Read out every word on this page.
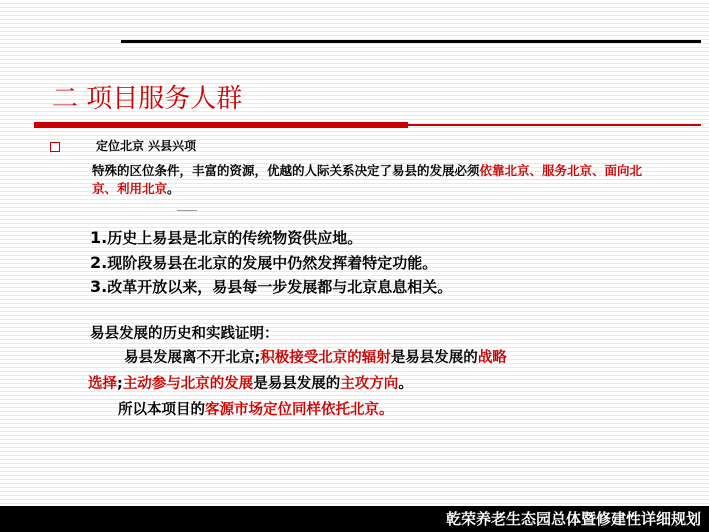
二 项目服务人群
定位北京 兴县兴项
特殊的区位条件，丰富的资源，优越的人际关系决定了易县的发展必须依靠北京、服务北京、面向北京、利用北京。
1.历史上易县是北京的传统物资供应地。
2.现阶段易县在北京的发展中仍然发挥着特定功能。
3.改革开放以来，易县每一步发展都与北京息息相关。
易县发展的历史和实践证明：
易县发展离不开北京;积极接受北京的辐射是易县发展的战略
选择;主动参与北京的发展是易县发展的主攻方向。
所以本项目的客源市场定位同样依托北京。
乾荣养老生态园总体暨修建性详细规划
